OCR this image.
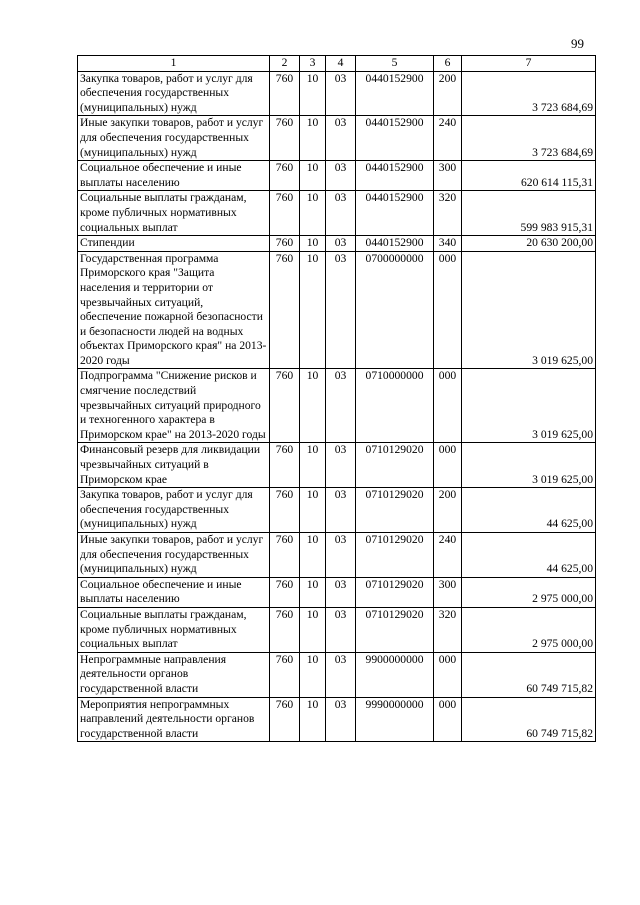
99
1	2	3	4	5	6	7
Закупка товаров, работ и услуг для обеспечения государственных (муниципальных) нужд	760	10	03	0440152900	200	3 723 684,69
Иные закупки товаров, работ и услуг для обеспечения государственных (муниципальных) нужд	760	10	03	0440152900	240	3 723 684,69
Социальное обеспечение и иные выплаты населению	760	10	03	0440152900	300	620 614 115,31
Социальные выплаты гражданам, кроме публичных нормативных социальных выплат	760	10	03	0440152900	320	599 983 915,31
Стипендии	760	10	03	0440152900	340	20 630 200,00
Государственная программа Приморского края "Защита населения и территории от чрезвычайных ситуаций, обеспечение пожарной безопасности и безопасности людей на водных объектах Приморского края" на 2013-2020 годы	760	10	03	0700000000	000	3 019 625,00
Подпрограмма "Снижение рисков и смягчение последствий чрезвычайных ситуаций природного и техногенного характера в Приморском крае" на 2013-2020 годы	760	10	03	0710000000	000	3 019 625,00
Финансовый резерв для ликвидации чрезвычайных ситуаций в Приморском крае	760	10	03	0710129020	000	3 019 625,00
Закупка товаров, работ и услуг для обеспечения государственных (муниципальных) нужд	760	10	03	0710129020	200	44 625,00
Иные закупки товаров, работ и услуг для обеспечения государственных (муниципальных) нужд	760	10	03	0710129020	240	44 625,00
Социальное обеспечение и иные выплаты населению	760	10	03	0710129020	300	2 975 000,00
Социальные выплаты гражданам, кроме публичных нормативных социальных выплат	760	10	03	0710129020	320	2 975 000,00
Непрограммные направления деятельности органов государственной власти	760	10	03	9900000000	000	60 749 715,82
Мероприятия непрограммных направлений деятельности органов государственной власти	760	10	03	9990000000	000	60 749 715,82
